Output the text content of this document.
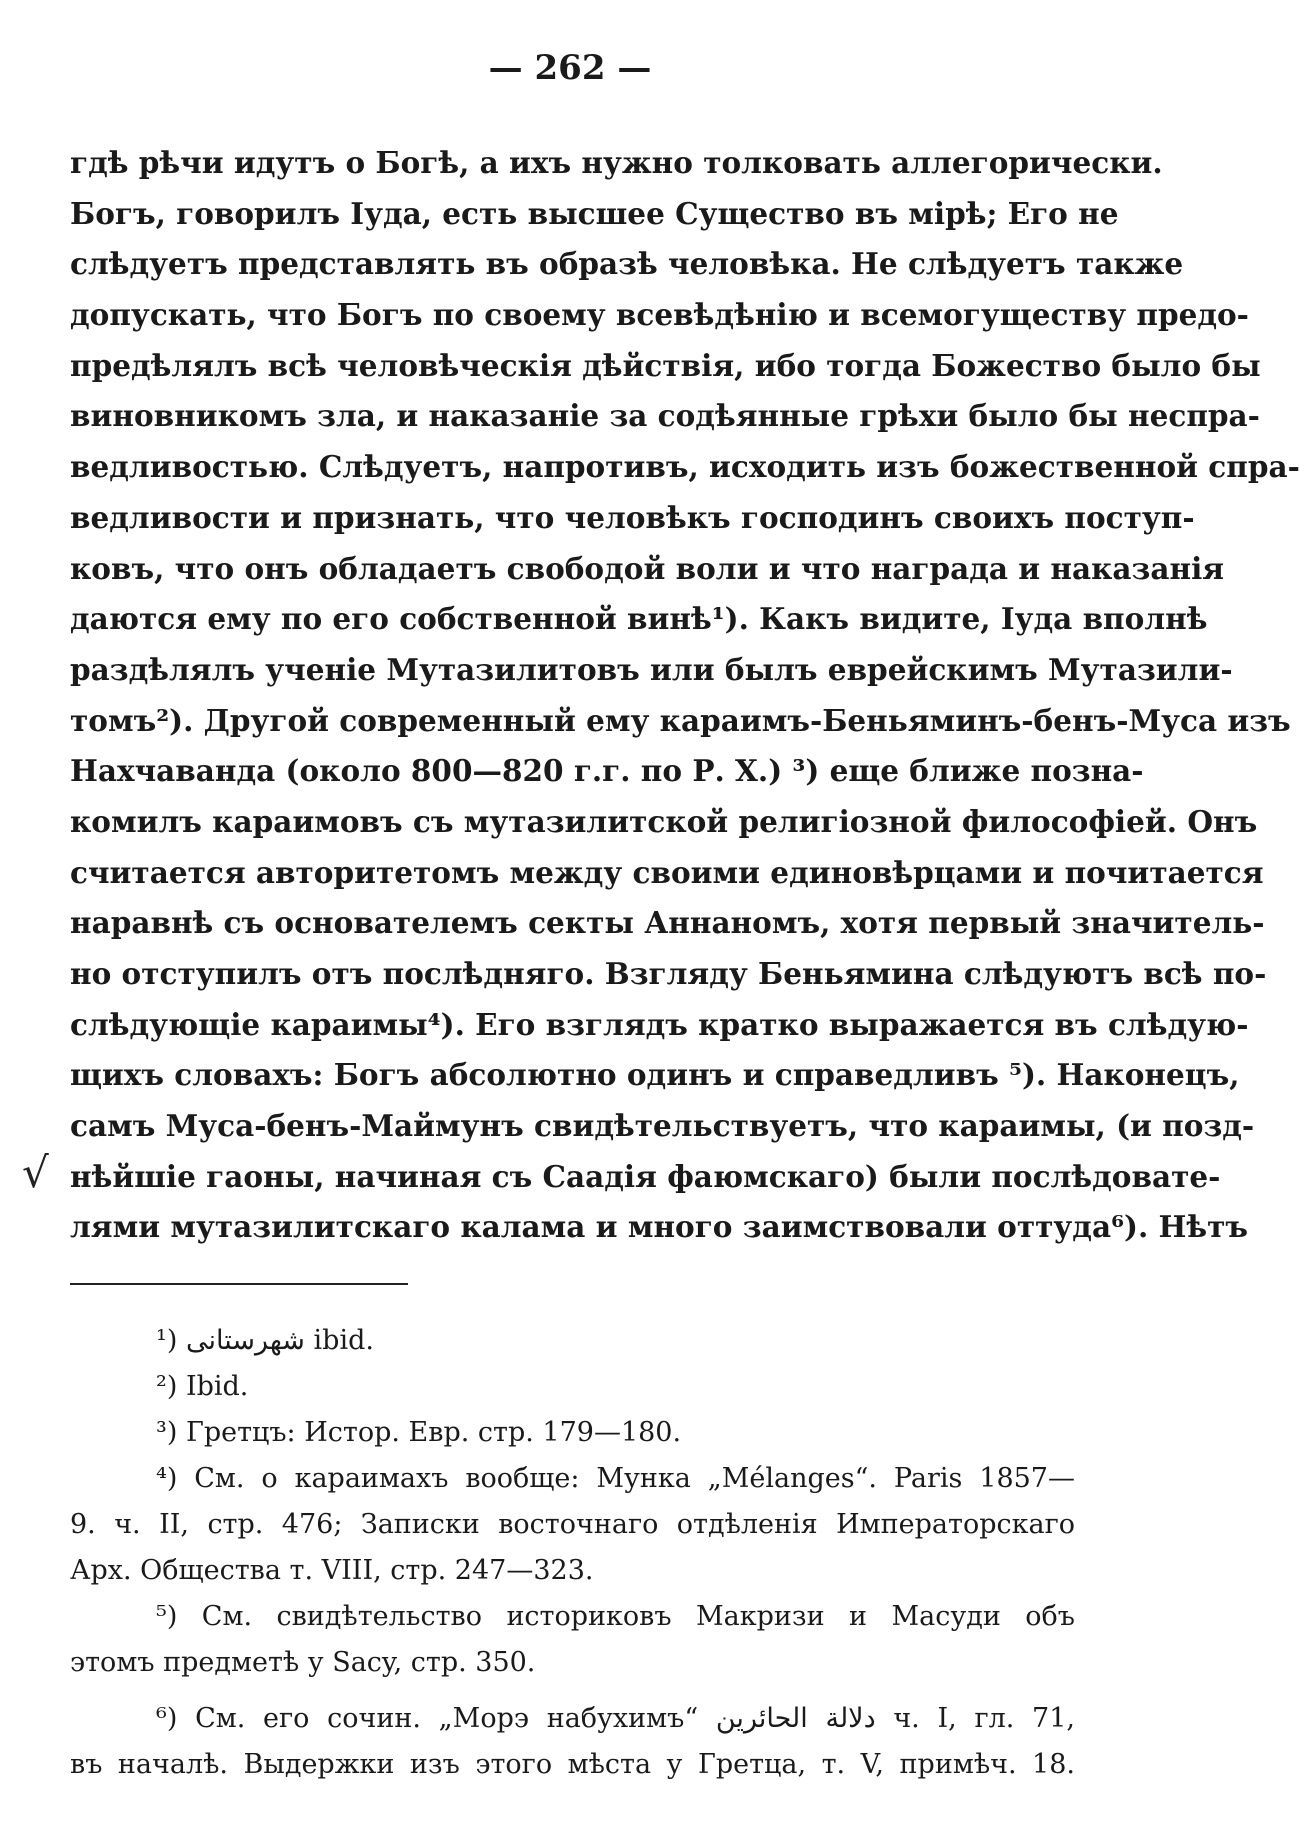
— 262 —
гдѣ рѣчи идутъ о Богѣ, а ихъ нужно толковать аллегорически.
Богъ, говорилъ Іуда, есть высшее Существо въ мірѣ; Его не
слѣдуетъ представлять въ образѣ человѣка. Не слѣдуетъ также
допускать, что Богъ по своему всевѣдѣнію и всемогуществу предо-
предѣлялъ всѣ человѣческія дѣйствія, ибо тогда Божество было бы
виновникомъ зла, и наказаніе за содѣянные грѣхи было бы неспра-
ведливостью. Слѣдуетъ, напротивъ, исходить изъ божественной спра-
ведливости и признать, что человѣкъ господинъ своихъ поступ-
ковъ, что онъ обладаетъ свободой воли и что награда и наказанія
даются ему по его собственной винѣ¹). Какъ видите, Іуда вполнѣ
раздѣлялъ ученіе Мутазилитовъ или былъ еврейскимъ Мутазили-
томъ²). Другой современный ему караимъ-Беньяминъ-бенъ-Муса изъ
Нахчаванда (около 800—820 г.г. по Р. Х.) ³) еще ближе позна-
комилъ караимовъ съ мутазилитской религіозной философіей. Онъ
считается авторитетомъ между своими единовѣрцами и почитается
наравнѣ съ основателемъ секты Аннаномъ, хотя первый значитель-
но отступилъ отъ послѣдняго. Взгляду Беньямина слѣдуютъ всѣ по-
слѣдующіе караимы⁴). Его взглядъ кратко выражается въ слѣдую-
щихъ словахъ: Богъ абсолютно одинъ и справедливъ ⁵). Наконецъ,
самъ Муса-бенъ-Маймунъ свидѣтельствуетъ, что караимы, (и позд-
нѣйшіе гаоны, начиная съ Саадія фаюмскаго) были послѣдовате-
лями мутазилитскаго калама и много заимствовали оттуда⁶). Нѣтъ
√
¹) شهرستانی ibid.
²) Ibid.
³) Гретцъ: Истор. Евр. стр. 179—180.
⁴) См. о караимахъ вообще: Мунка „Mélanges“. Paris 1857—
9. ч. II, стр. 476; Записки восточнаго отдѣленія Императорскаго
Арх. Общества т. VIII, стр. 247—323.
⁵) См. свидѣтельство историковъ Макризи и Масуди объ
этомъ предметѣ у Sacy, стр. 350.
⁶) См. его сочин. „Морэ набухимъ“ دلالة الحائرين ч. I, гл. 71,
въ началѣ. Выдержки изъ этого мѣста у Гретца, т. V, примѣч. 18.
